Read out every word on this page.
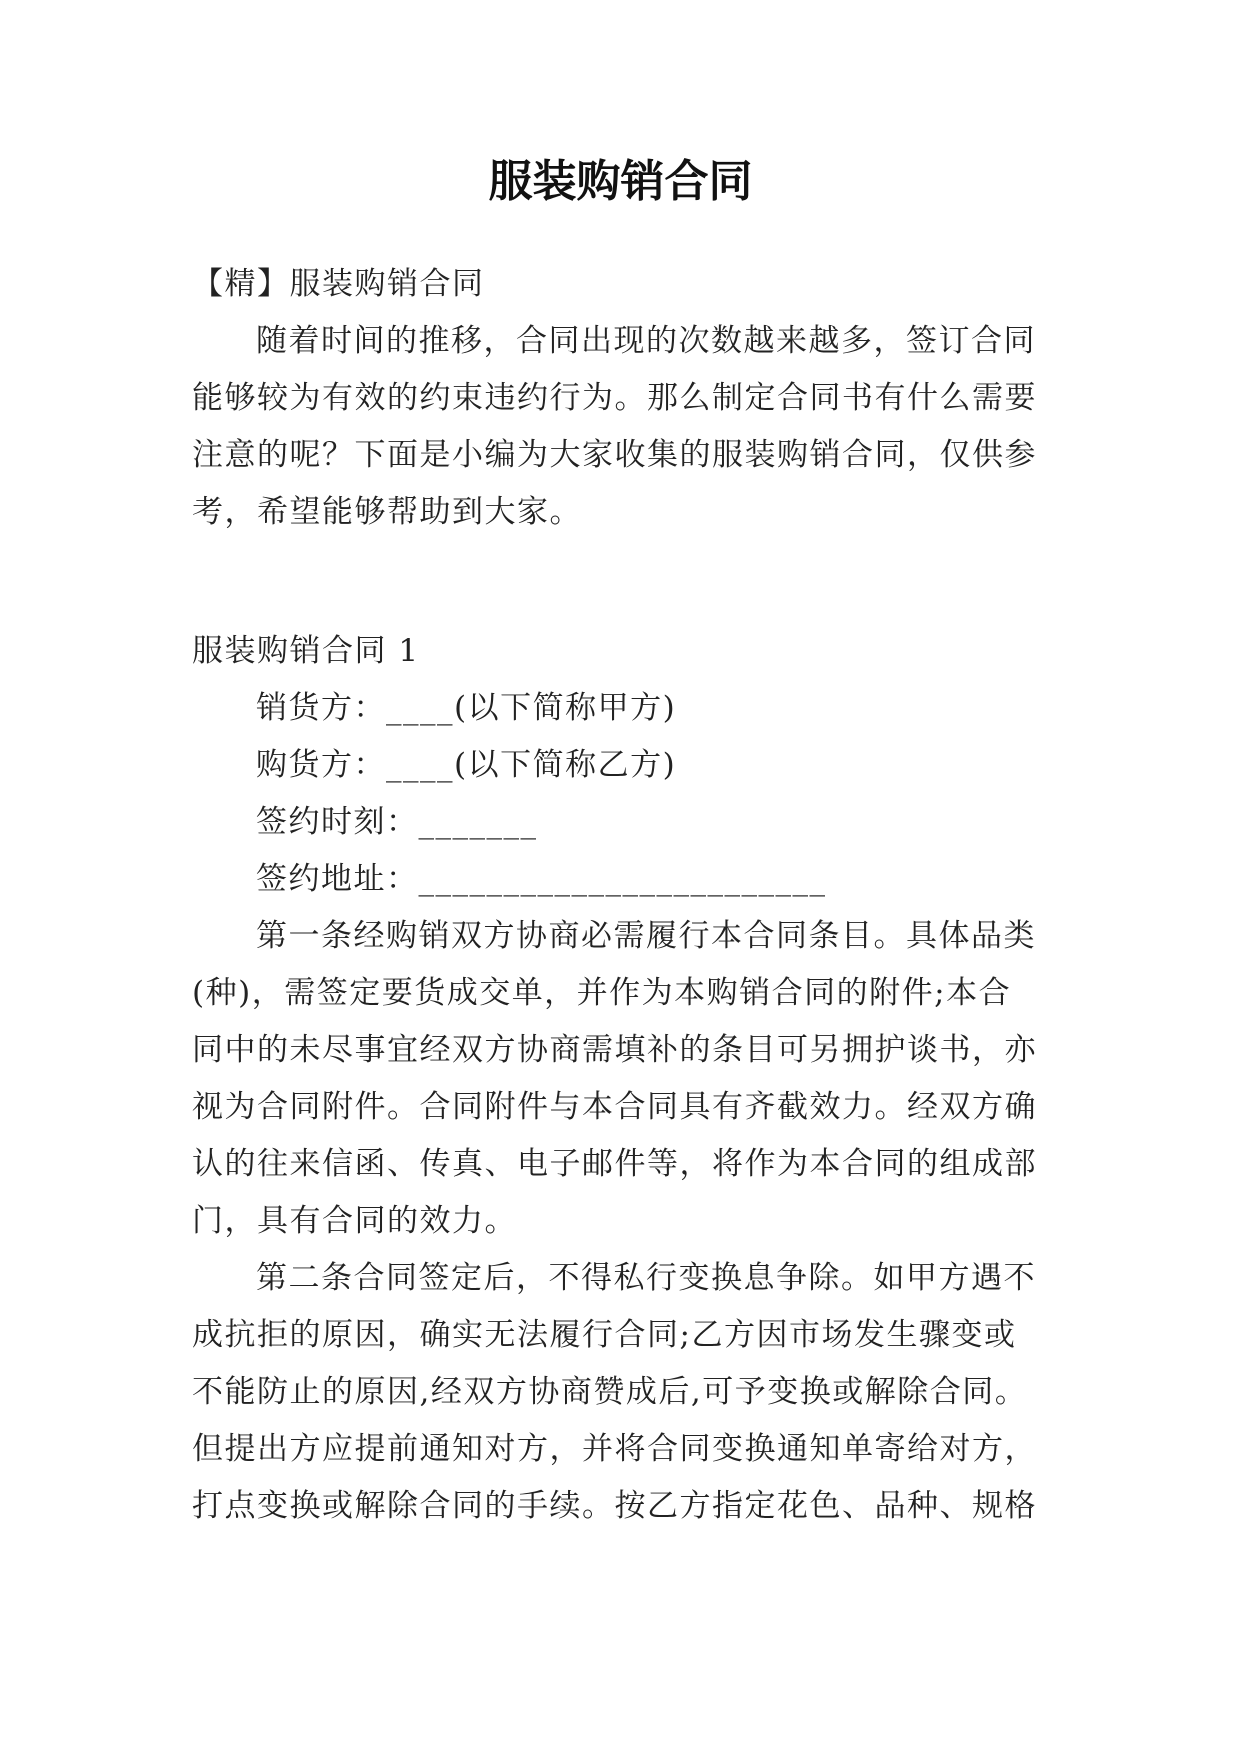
服装购销合同
【精】服装购销合同
随着时间的推移，合同出现的次数越来越多，签订合同
能够较为有效的约束违约行为。那么制定合同书有什么需要
注意的呢？下面是小编为大家收集的服装购销合同，仅供参
考，希望能够帮助到大家。
服装购销合同 1
销货方：____(以下简称甲方)
购货方：____(以下简称乙方)
签约时刻：_______
签约地址：________________________
第一条经购销双方协商必需履行本合同条目。具体品类
(种)，需签定要货成交单，并作为本购销合同的附件;本合
同中的未尽事宜经双方协商需填补的条目可另拥护谈书，亦
视为合同附件。合同附件与本合同具有齐截效力。经双方确
认的往来信函、传真、电子邮件等，将作为本合同的组成部
门，具有合同的效力。
第二条合同签定后，不得私行变换息争除。如甲方遇不
成抗拒的原因，确实无法履行合同;乙方因市场发生骤变或
不能防止的原因,经双方协商赞成后,可予变换或解除合同。
但提出方应提前通知对方，并将合同变换通知单寄给对方，
打点变换或解除合同的手续。按乙方指定花色、品种、规格
